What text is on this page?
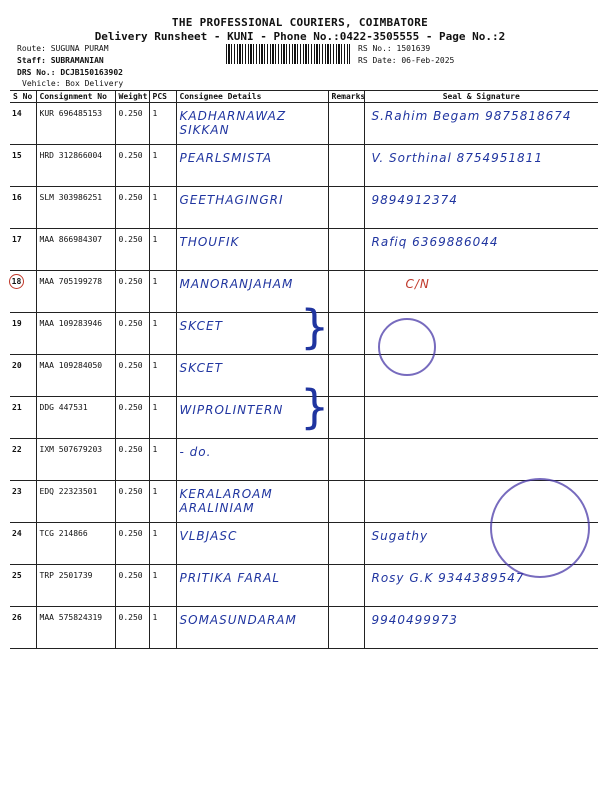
THE PROFESSIONAL COURIERS, COIMBATORE
Delivery Runsheet - KUNI - Phone No.:0422-3505555 - Page No.:2
Route: SUGUNA PURAM
Staff: SUBRAMANIAN
DRS No.: DCJB150163902
Vehicle: Box Delivery
RS No.: 1501639
RS Date: 06-Feb-2025
S No	Consignment No	Weight	PCS	Consignee Details	Remarks	Seal & Signature
14	KUR 696485153	0.250	1	KADHARNAWAZ SIKKAN		S.Rahim Begam 9875818674

15	HRD 312866004	0.250	1	PEARLSMISTA		V. Sorthinal 8754951811

16	SLM 303986251	0.250	1	GEETHAGINGRI		9894912374

17	MAA 866984307	0.250	1	THOUFIK		Rafiq 6369886044

18	MAA 705199278	0.250	1	MANORANJAHAM		C/N

19	MAA 109283946	0.250	1	SKCET		

20	MAA 109284050	0.250	1	SKCET		

21	DDG 447531	0.250	1	WIPROLINTERN		

22	IXM 507679203	0.250	1	- do.		

23	EDQ 22323501	0.250	1	KERALAROAM ARALINIAM		

24	TCG 214866	0.250	1	VLBJASC		Sugathy

25	TRP 2501739	0.250	1	PRITIKA FARAL		Rosy G.K 9344389547

26	MAA 575824319	0.250	1	SOMASUNDARAM		9940499973
}
}
